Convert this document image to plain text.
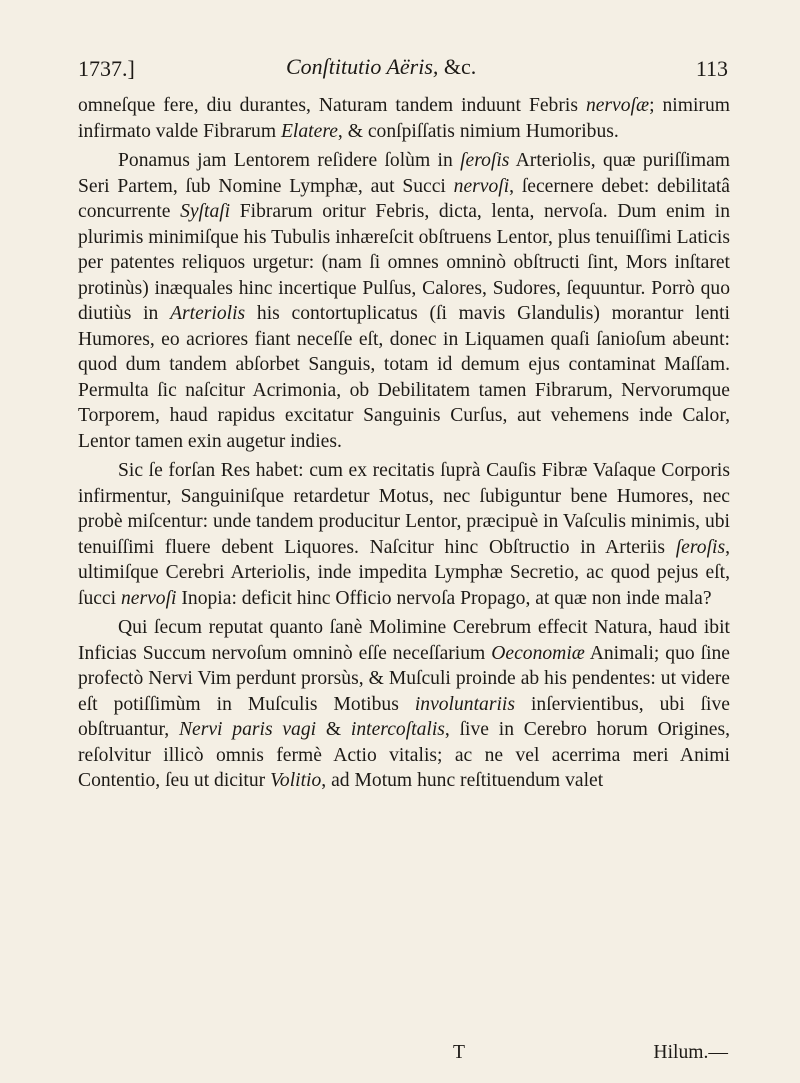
1737.]	Conſtitutio Aëris, &c.	113

omneſque fere, diu durantes, Naturam tandem induunt Febris nervoſæ; nimirum infirmato valde Fibrarum Elatere, & conſpiſſatis nimium Humoribus.

Ponamus jam Lentorem reſidere ſolùm in ſeroſis Arteriolis, quæ puriſſimam Seri Partem, ſub Nomine Lymphæ, aut Succi nervoſi, ſecernere debet: debilitatâ concurrente Syſtaſi Fibrarum oritur Febris, dicta, lenta, nervoſa. Dum enim in plurimis minimiſque his Tubulis inhæreſcit obſtruens Lentor, plus tenuiſſimi Laticis per patentes reliquos urgetur: (nam ſi omnes omninò obſtructi ſint, Mors inſtaret protinùs) inæquales hinc incertique Pulſus, Calores, Sudores, ſequuntur. Porrò quo diutiùs in Arteriolis his contortuplicatus (ſi mavis Glandulis) morantur lenti Humores, eo acriores fiant neceſſe eſt, donec in Liquamen quaſi ſanioſum abeunt: quod dum tandem abſorbet Sanguis, totam id demum ejus contaminat Maſſam. Permulta ſic naſcitur Acrimonia, ob Debilitatem tamen Fibrarum, Nervorumque Torporem, haud rapidus excitatur Sanguinis Curſus, aut vehemens inde Calor, Lentor tamen exin augetur indies.

Sic ſe forſan Res habet: cum ex recitatis ſuprà Cauſis Fibræ Vaſaque Corporis infirmentur, Sanguiniſque retardetur Motus, nec ſubiguntur bene Humores, nec probè miſcentur: unde tandem producitur Lentor, præcipuè in Vaſculis minimis, ubi tenuiſſimi fluere debent Liquores. Naſcitur hinc Obſtructio in Arteriis ſeroſis, ultimiſque Cerebri Arteriolis, inde impedita Lymphæ Secretio, ac quod pejus eſt, ſucci nervoſi Inopia: deficit hinc Officio nervoſa Propago, at quæ non inde mala?

Qui ſecum reputat quanto ſanè Molimine Cerebrum effecit Natura, haud ibit Inficias Succum nervoſum omninò eſſe neceſſarium Oeconomiæ Animali; quo ſine profectò Nervi Vim perdunt prorsùs, & Muſculi proinde ab his pendentes: ut videre eſt potiſſimùm in Muſculis Motibus involuntariis inſervientibus, ubi ſive obſtruantur, Nervi paris vagi & intercoſtalis, ſive in Cerebro horum Origines, reſolvitur illicò omnis fermè Actio vitalis; ac ne vel acerrima meri Animi Contentio, ſeu ut dicitur Volitio, ad Motum hunc reſtituendum valet

T	Hilum.—
